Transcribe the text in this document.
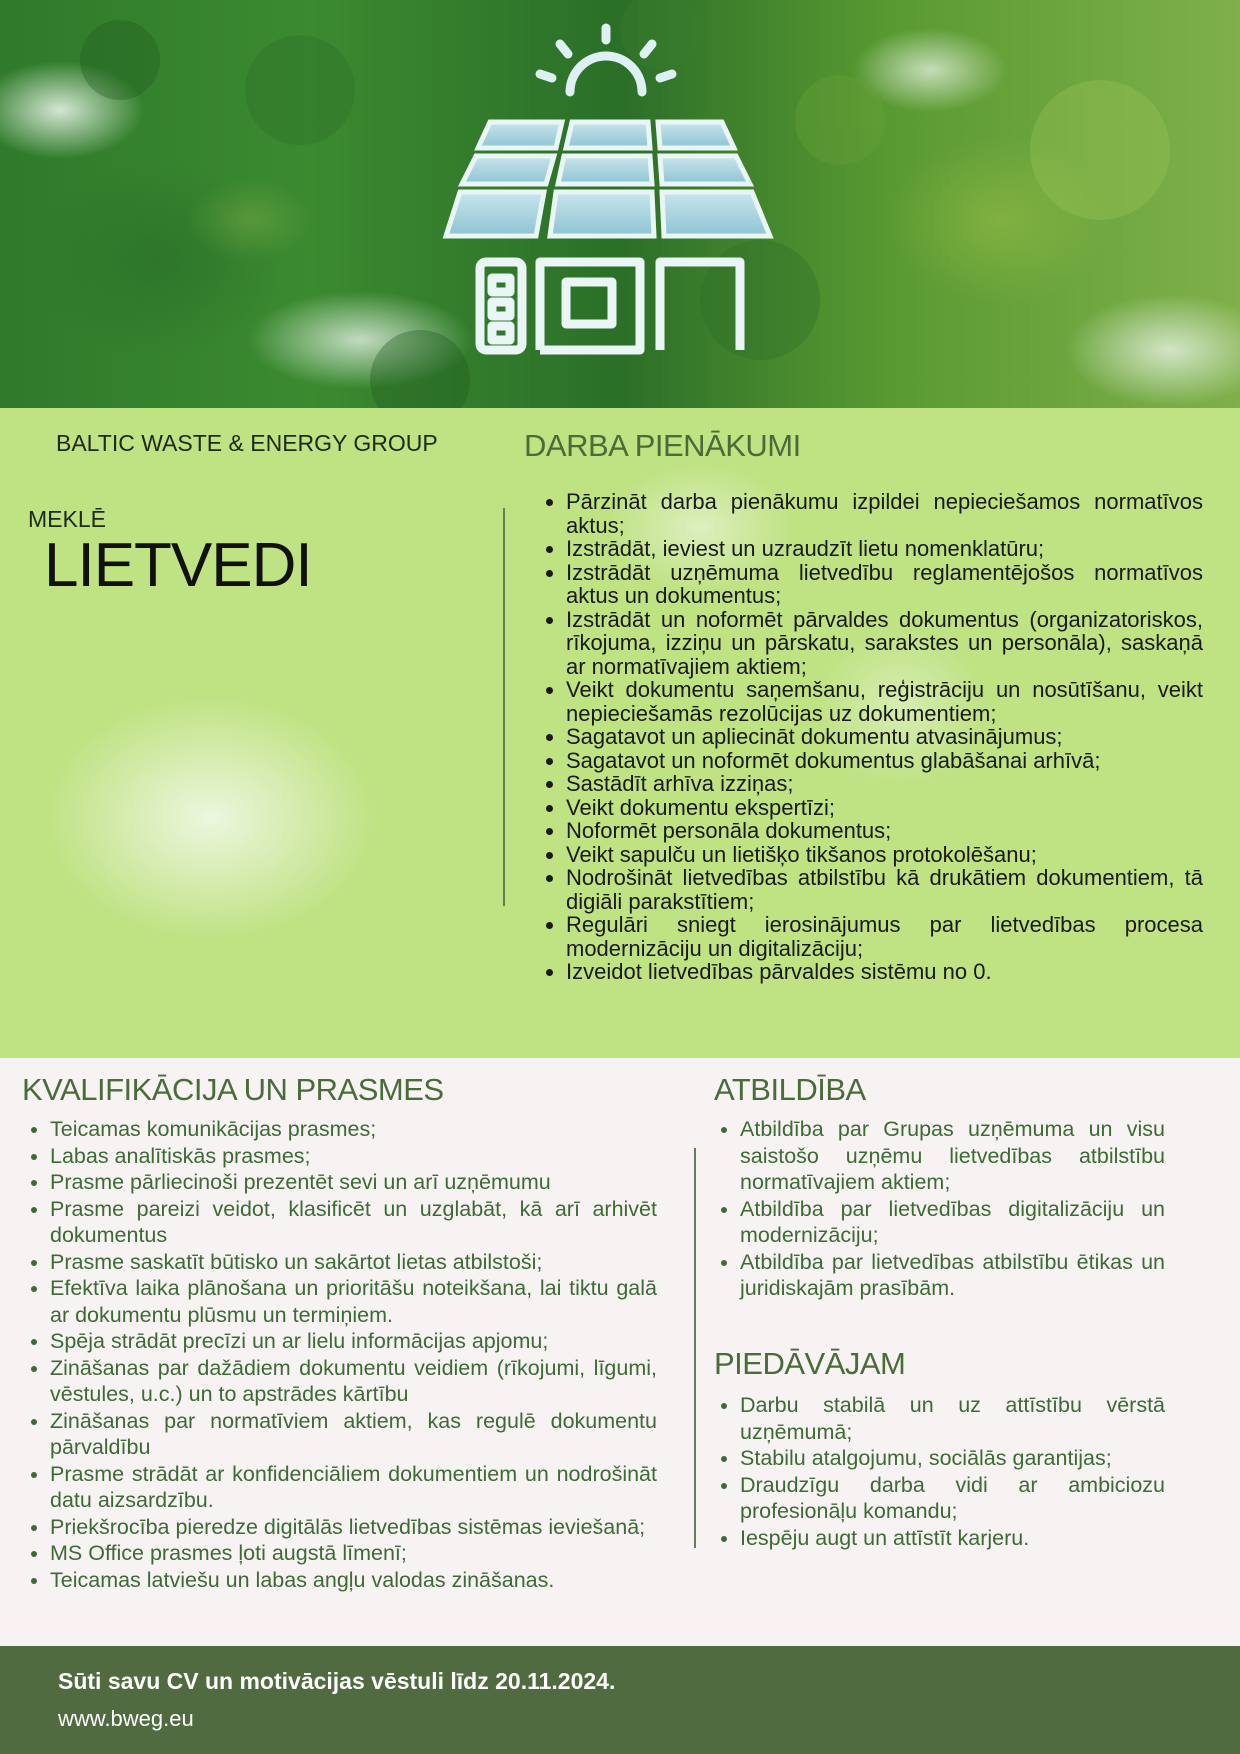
BALTIC WASTE & ENERGY GROUP
MEKLĒ
LIETVEDI
DARBA PIENĀKUMI
• Pārzināt darba pienākumu izpildei nepieciešamos normatīvos aktus;
• Izstrādāt, ieviest un uzraudzīt lietu nomenklatūru;
• Izstrādāt uzņēmuma lietvedību reglamentējošos normatīvos aktus un dokumentus;
• Izstrādāt un noformēt pārvaldes dokumentus (organizatoriskos, rīkojuma, izziņu un pārskatu, sarakstes un personāla), saskaņā ar normatīvajiem aktiem;
• Veikt dokumentu saņemšanu, reģistrāciju un nosūtīšanu, veikt nepieciešamās rezolūcijas uz dokumentiem;
• Sagatavot un apliecināt dokumentu atvasinājumus;
• Sagatavot un noformēt dokumentus glabāšanai arhīvā;
• Sastādīt arhīva izziņas;
• Veikt dokumentu ekspertīzi;
• Noformēt personāla dokumentus;
• Veikt sapulču un lietišķo tikšanos protokolēšanu;
• Nodrošināt lietvedības atbilstību kā drukātiem dokumentiem, tā digiāli parakstītiem;
• Regulāri sniegt ierosinājumus par lietvedības procesa modernizāciju un digitalizāciju;
• Izveidot lietvedības pārvaldes sistēmu no 0.
KVALIFIKĀCIJA UN PRASMES
• Teicamas komunikācijas prasmes;
• Labas analītiskās prasmes;
• Prasme pārliecinoši prezentēt sevi un arī uzņēmumu
• Prasme pareizi veidot, klasificēt un uzglabāt, kā arī arhivēt dokumentus
• Prasme saskatīt būtisko un sakārtot lietas atbilstoši;
• Efektīva laika plānošana un prioritāšu noteikšana, lai tiktu galā ar dokumentu plūsmu un termiņiem.
• Spēja strādāt precīzi un ar lielu informācijas apjomu;
• Zināšanas par dažādiem dokumentu veidiem (rīkojumi, līgumi, vēstules, u.c.) un to apstrādes kārtību
• Zināšanas par normatīviem aktiem, kas regulē dokumentu pārvaldību
• Prasme strādāt ar konfidenciāliem dokumentiem un nodrošināt datu aizsardzību.
• Priekšrocība pieredze digitālās lietvedības sistēmas ieviešanā;
• MS Office prasmes ļoti augstā līmenī;
• Teicamas latviešu un labas angļu valodas zināšanas.
ATBILDĪBA
• Atbildība par Grupas uzņēmuma un visu saistošo uzņēmu lietvedības atbilstību normatīvajiem aktiem;
• Atbildība par lietvedības digitalizāciju un modernizāciju;
• Atbildība par lietvedības atbilstību ētikas un juridiskajām prasībām.
PIEDĀVĀJAM
• Darbu stabilā un uz attīstību vērstā uzņēmumā;
• Stabilu atalgojumu, sociālās garantijas;
• Draudzīgu darba vidi ar ambiciozu profesionāļu komandu;
• Iespēju augt un attīstīt karjeru.
Sūti savu CV un motivācijas vēstuli līdz 20.11.2024.
www.bweg.eu
